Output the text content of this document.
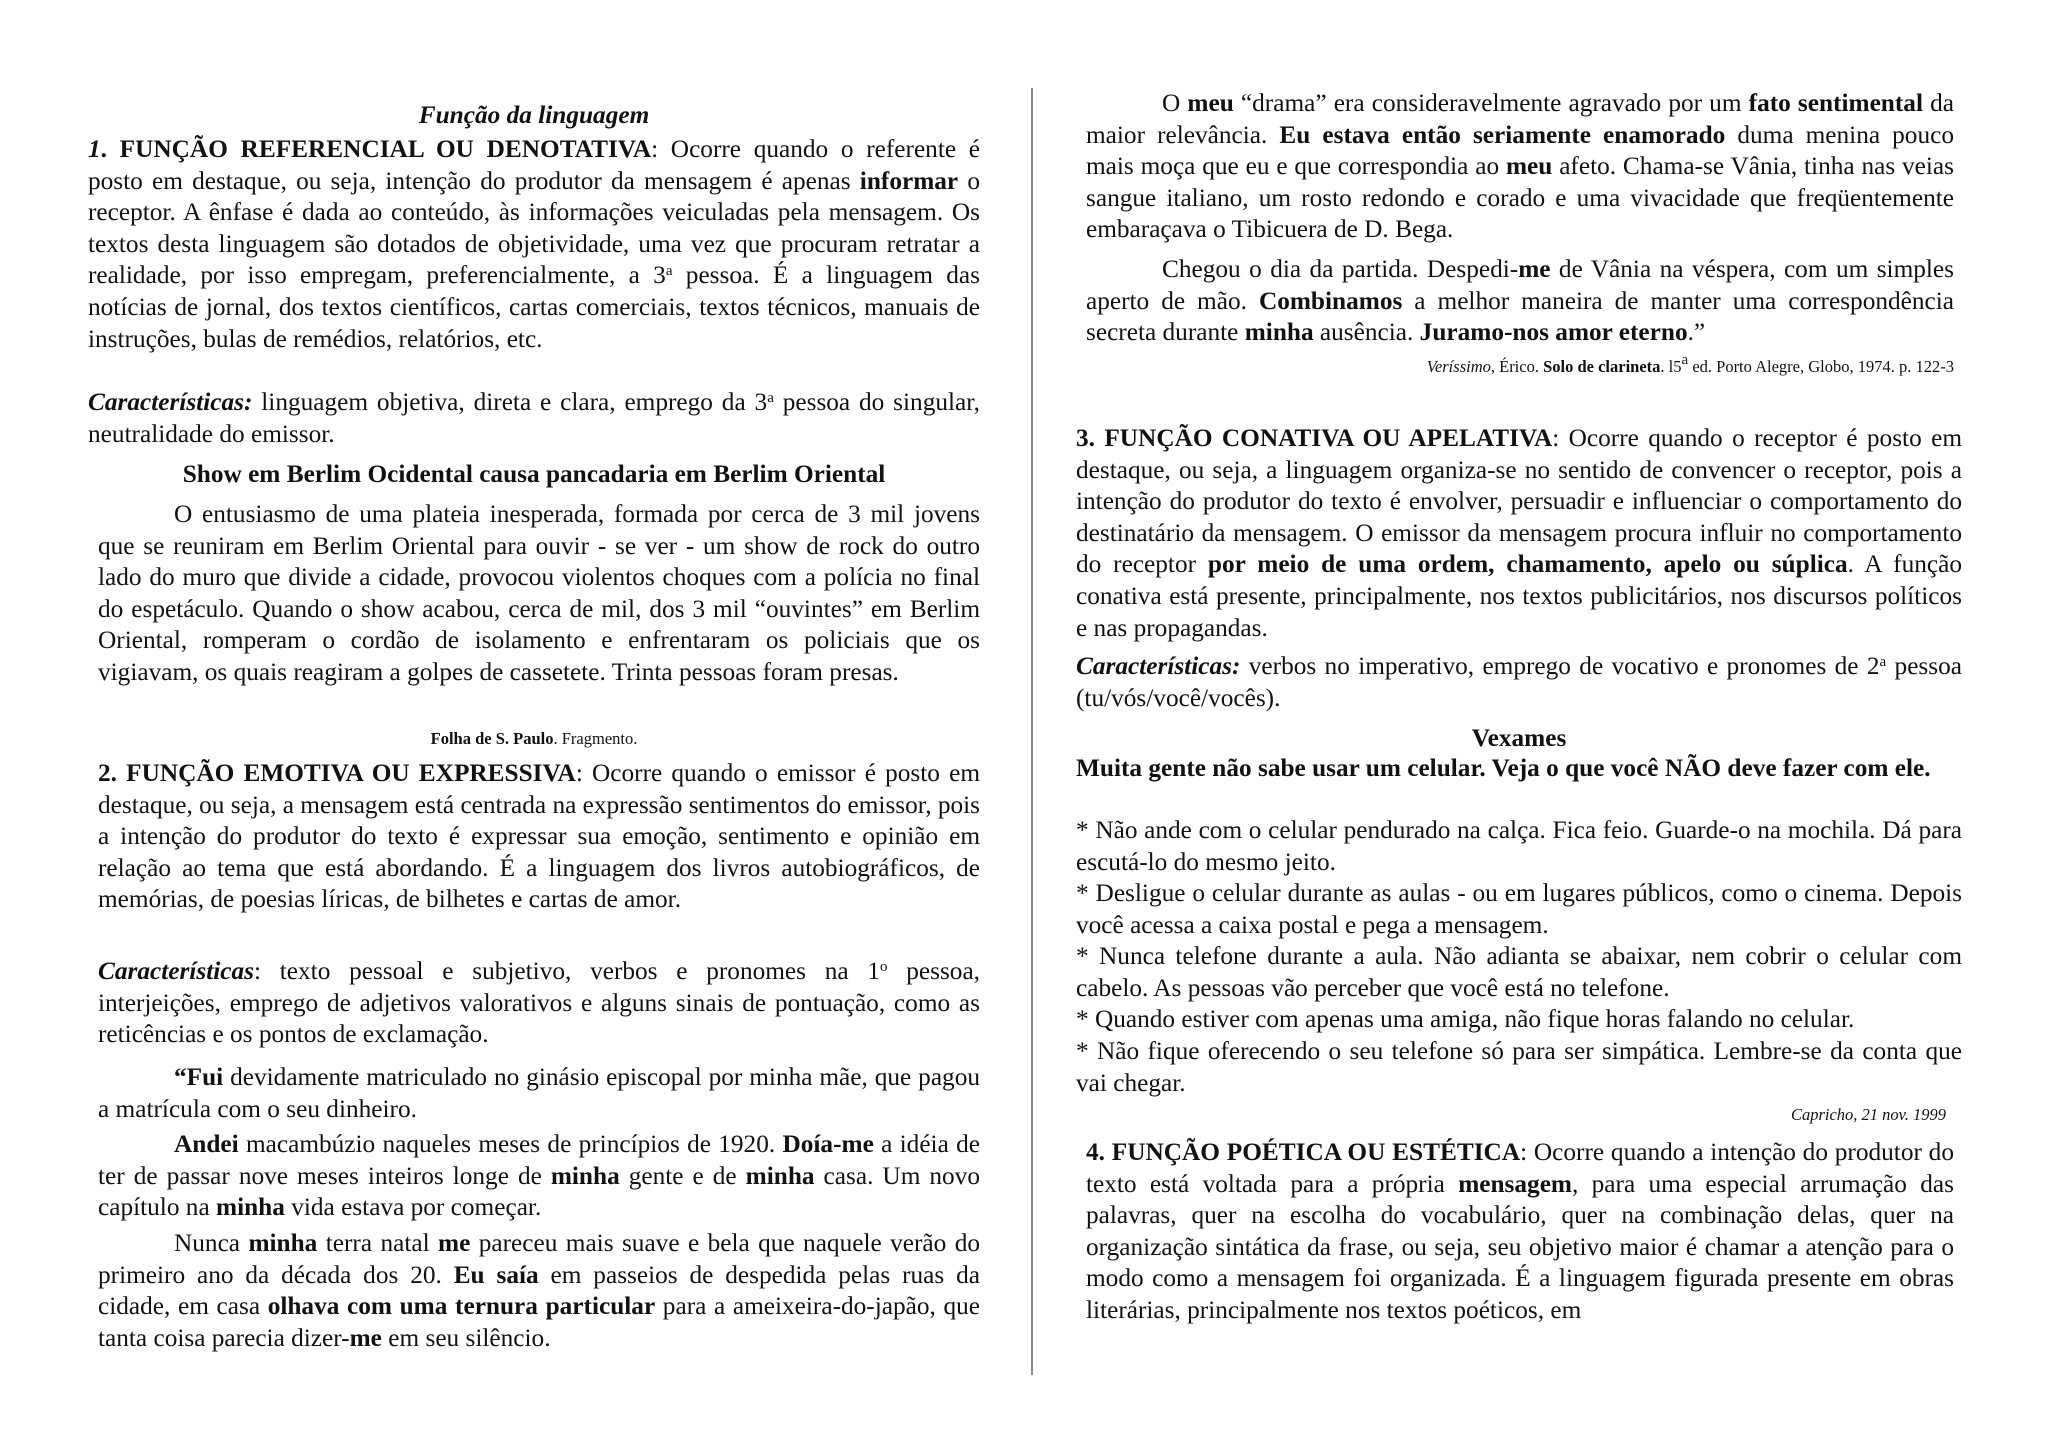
Função da linguagem

1. FUNÇÃO REFERENCIAL OU DENOTATIVA: Ocorre quando o referente é posto em destaque, ou seja, intenção do produtor da mensagem é apenas informar o receptor. A ênfase é dada ao conteúdo, às informações veiculadas pela mensagem. Os textos desta linguagem são dotados de objetividade, uma vez que procuram retratar a realidade, por isso empregam, preferencialmente, a 3$^a$ pessoa. É a linguagem das notícias de jornal, dos textos científicos, cartas comerciais, textos técnicos, manuais de instruções, bulas de remédios, relatórios, etc.

Características: linguagem objetiva, direta e clara, emprego da 3$^a$ pessoa do singular, neutralidade do emissor.

Show em Berlim Ocidental causa pancadaria em Berlim Oriental

O entusiasmo de uma plateia inesperada, formada por cerca de 3 mil jovens que se reuniram em Berlim Oriental para ouvir - se ver - um show de rock do outro lado do muro que divide a cidade, provocou violentos choques com a polícia no final do espetáculo. Quando o show acabou, cerca de mil, dos 3 mil “ouvintes” em Berlim Oriental, romperam o cordão de isolamento e enfrentaram os policiais que os vigiavam, os quais reagiram a golpes de cassetete. Trinta pessoas foram presas.

Folha de S. Paulo. Fragmento.

2. FUNÇÃO EMOTIVA OU EXPRESSIVA: Ocorre quando o emissor é posto em destaque, ou seja, a mensagem está centrada na expressão sentimentos do emissor, pois a intenção do produtor do texto é expressar sua emoção, sentimento e opinião em relação ao tema que está abordando. É a linguagem dos livros autobiográficos, de memórias, de poesias líricas, de bilhetes e cartas de amor.

Características: texto pessoal e subjetivo, verbos e pronomes na 1$^o$ pessoa, interjeições, emprego de adjetivos valorativos e alguns sinais de pontuação, como as reticências e os pontos de exclamação.

“Fui devidamente matriculado no ginásio episcopal por minha mãe, que pagou a matrícula com o seu dinheiro.

Andei macambúzio naqueles meses de princípios de 1920. Doía-me a idéia de ter de passar nove meses inteiros longe de minha gente e de minha casa. Um novo capítulo na minha vida estava por começar.

Nunca minha terra natal me pareceu mais suave e bela que naquele verão do primeiro ano da década dos 20. Eu saía em passeios de despedida pelas ruas da cidade, em casa olhava com uma ternura particular para a ameixeira-do-japão, que tanta coisa parecia dizer-me em seu silêncio.

O meu “drama” era consideravelmente agravado por um fato sentimental da maior relevância. Eu estava então seriamente enamorado duma menina pouco mais moça que eu e que correspondia ao meu afeto. Chama-se Vânia, tinha nas veias sangue italiano, um rosto redondo e corado e uma vivacidade que freqüentemente embaraçava o Tibicuera de D. Bega.

Chegou o dia da partida. Despedi-me de Vânia na véspera, com um simples aperto de mão. Combinamos a melhor maneira de manter uma correspondência secreta durante minha ausência. Juramo-nos amor eterno.”

Veríssimo, Érico. Solo de clarineta. l5a ed. Porto Alegre, Globo, 1974. p. 122-3

3. FUNÇÃO CONATIVA OU APELATIVA: Ocorre quando o receptor é posto em destaque, ou seja, a linguagem organiza-se no sentido de convencer o receptor, pois a intenção do produtor do texto é envolver, persuadir e influenciar o comportamento do destinatário da mensagem. O emissor da mensagem procura influir no comportamento do receptor por meio de uma ordem, chamamento, apelo ou súplica. A função conativa está presente, principalmente, nos textos publicitários, nos discursos políticos e nas propagandas.

Características: verbos no imperativo, emprego de vocativo e pronomes de 2$^a$ pessoa (tu/vós/você/vocês).

Vexames

Muita gente não sabe usar um celular. Veja o que você NÃO deve fazer com ele.

* Não ande com o celular pendurado na calça. Fica feio. Guarde-o na mochila. Dá para escutá-lo do mesmo jeito.

* Desligue o celular durante as aulas - ou em lugares públicos, como o cinema. Depois você acessa a caixa postal e pega a mensagem.

* Nunca telefone durante a aula. Não adianta se abaixar, nem cobrir o celular com cabelo. As pessoas vão perceber que você está no telefone.

* Quando estiver com apenas uma amiga, não fique horas falando no celular.

* Não fique oferecendo o seu telefone só para ser simpática. Lembre-se da conta que vai chegar.

Capricho, 21 nov. 1999

4. FUNÇÃO POÉTICA OU ESTÉTICA: Ocorre quando a intenção do produtor do texto está voltada para a própria mensagem, para uma especial arrumação das palavras, quer na escolha do vocabulário, quer na combinação delas, quer na organização sintática da frase, ou seja, seu objetivo maior é chamar a atenção para o modo como a mensagem foi organizada. É a linguagem figurada presente em obras literárias, principalmente nos textos poéticos, em
